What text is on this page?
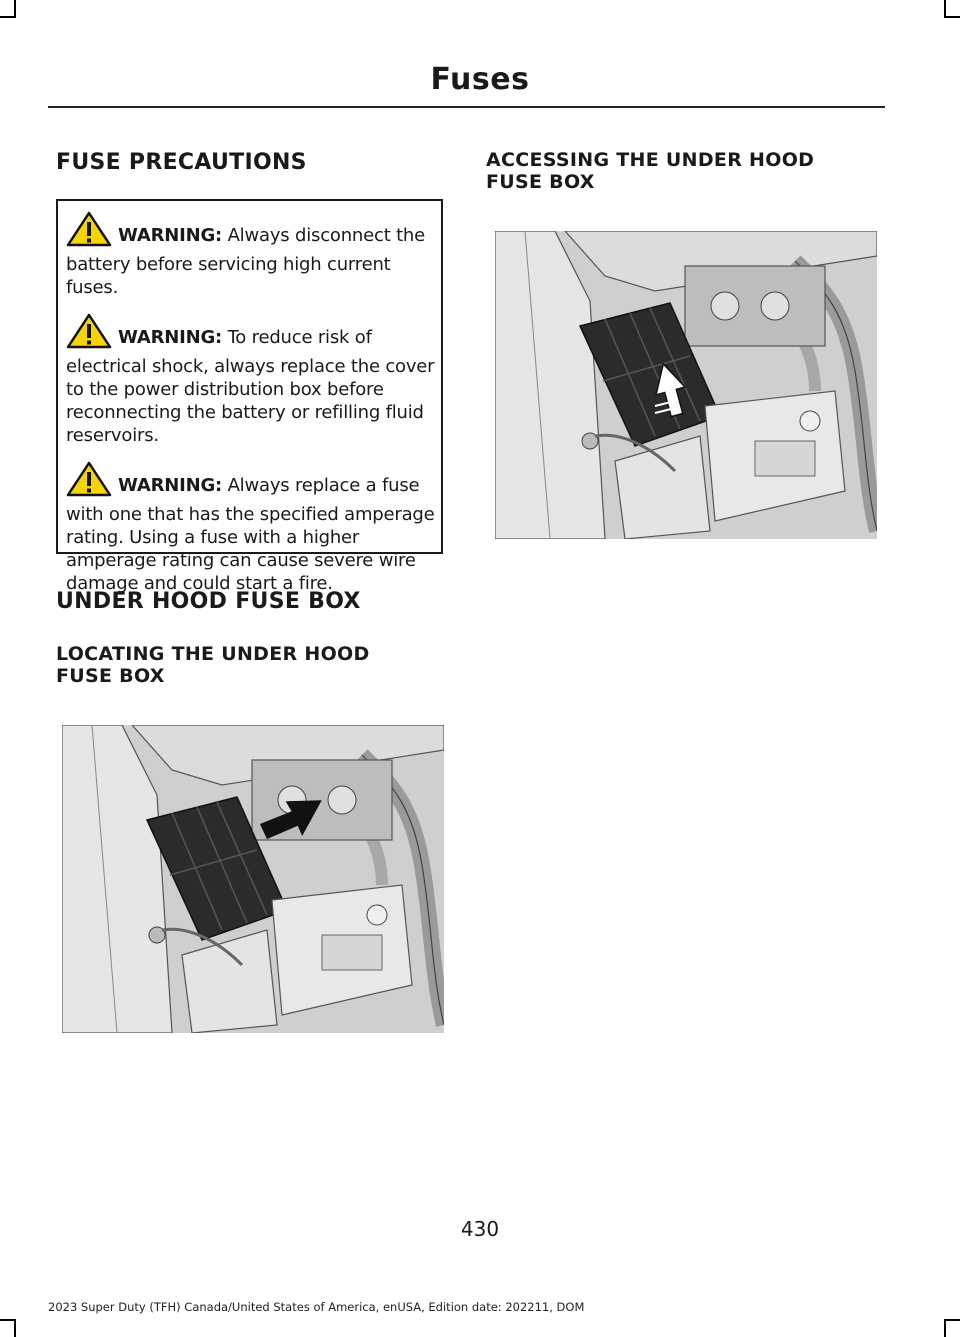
Fuses
FUSE PRECAUTIONS

WARNING: Always disconnect the battery before servicing high current fuses.

WARNING: To reduce risk of electrical shock, always replace the cover to the power distribution box before reconnecting the battery or refilling fluid reservoirs.

WARNING: Always replace a fuse with one that has the specified amperage rating. Using a fuse with a higher amperage rating can cause severe wire damage and could start a fire.

UNDER HOOD FUSE BOX
LOCATING THE UNDER HOOD
FUSE BOX
ACCESSING THE UNDER HOOD
FUSE BOX
430
2023 Super Duty (TFH) Canada/United States of America, enUSA, Edition date: 202211, DOM
